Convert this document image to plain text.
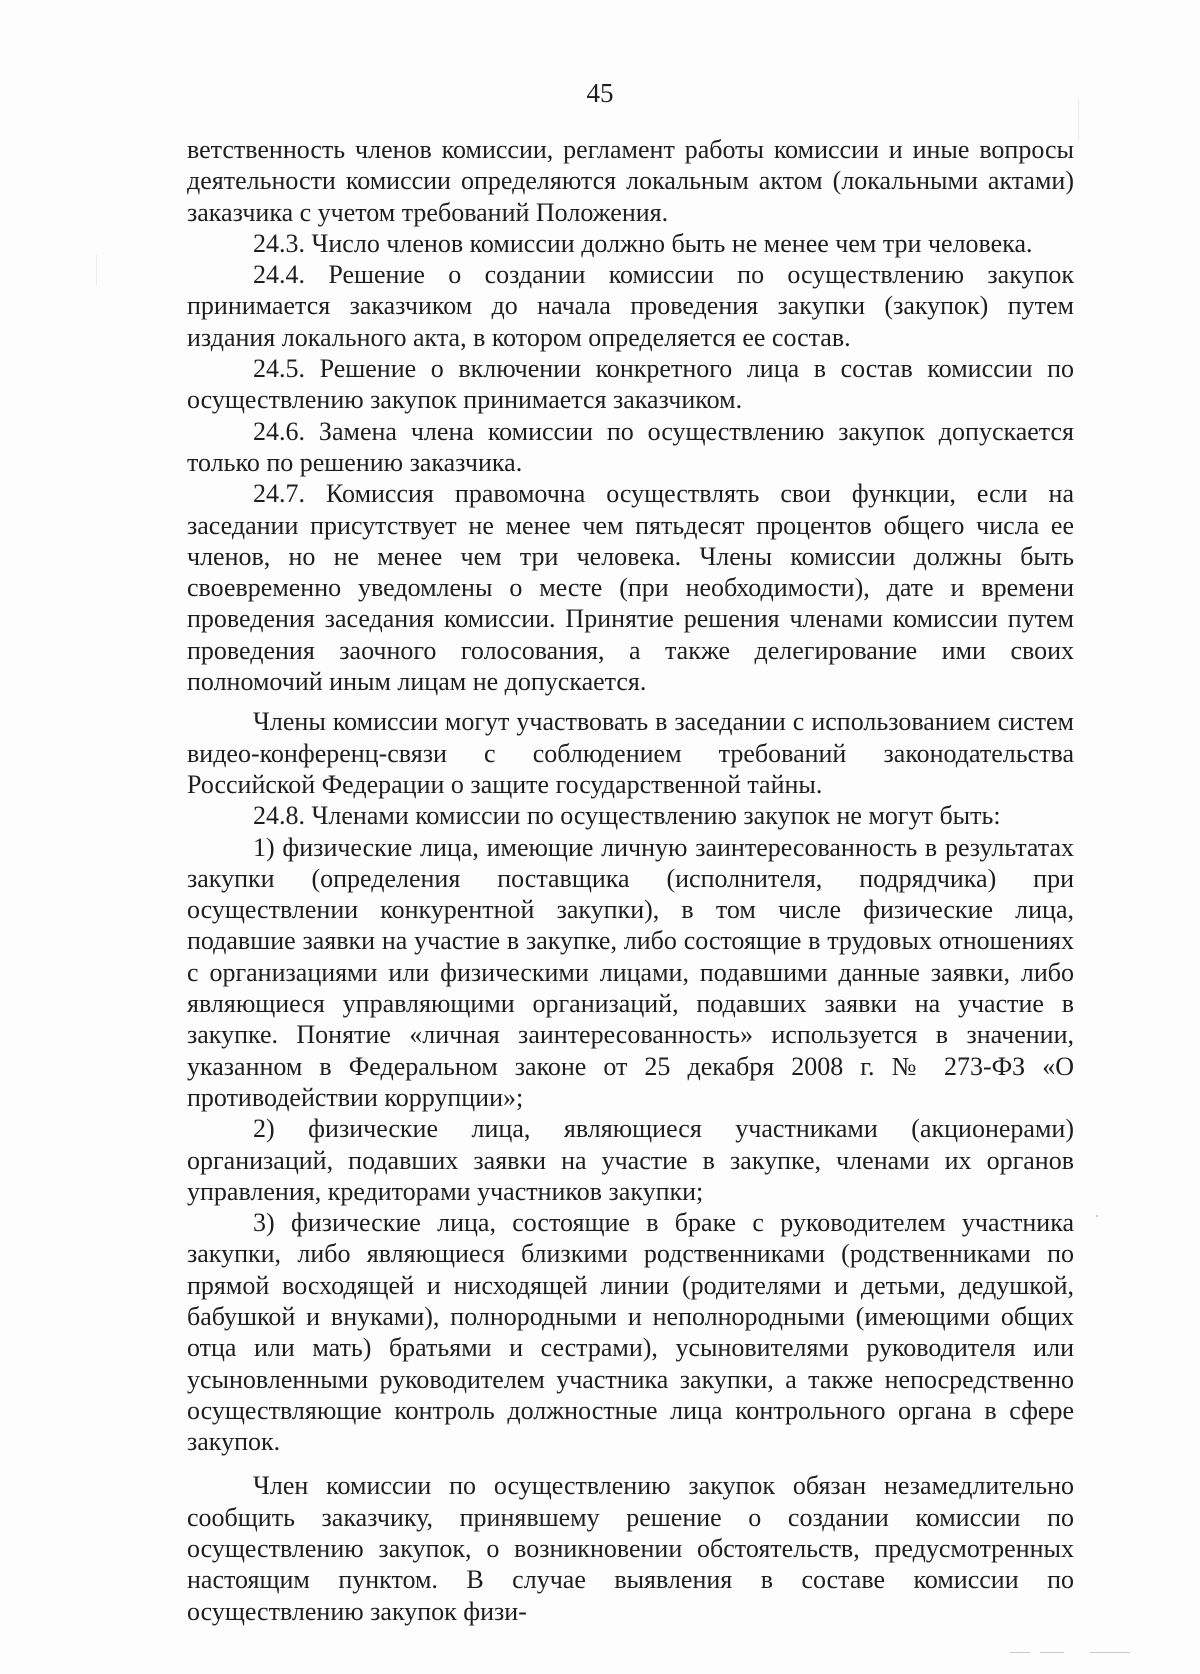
45

ветственность членов комиссии, регламент работы комиссии и иные вопросы деятельности комиссии определяются локальным актом (локальными актами) заказчика с учетом требований Положения.

24.3. Число членов комиссии должно быть не менее чем три человека.

24.4. Решение о создании комиссии по осуществлению закупок принимается заказчиком до начала проведения закупки (закупок) путем издания локального акта, в котором определяется ее состав.

24.5. Решение о включении конкретного лица в состав комиссии по осуществлению закупок принимается заказчиком.

24.6. Замена члена комиссии по осуществлению закупок допускается только по решению заказчика.

24.7. Комиссия правомочна осуществлять свои функции, если на заседании присутствует не менее чем пятьдесят процентов общего числа ее членов, но не менее чем три человека. Члены комиссии должны быть своевременно уведомлены о месте (при необходимости), дате и времени проведения заседания комиссии. Принятие решения членами комиссии путем проведения заочного голосования, а также делегирование ими своих полномочий иным лицам не допускается.

Члены комиссии могут участвовать в заседании с использованием систем видео-конференц-связи с соблюдением требований законодательства Российской Федерации о защите государственной тайны.

24.8. Членами комиссии по осуществлению закупок не могут быть:

1) физические лица, имеющие личную заинтересованность в результатах закупки (определения поставщика (исполнителя, подрядчика) при осуществлении конкурентной закупки), в том числе физические лица, подавшие заявки на участие в закупке, либо состоящие в трудовых отношениях с организациями или физическими лицами, подавшими данные заявки, либо являющиеся управляющими организаций, подавших заявки на участие в закупке. Понятие «личная заинтересованность» используется в значении, указанном в Федеральном законе от 25 декабря 2008 г. № 273-ФЗ «О противодействии коррупции»;

2) физические лица, являющиеся участниками (акционерами) организаций, подавших заявки на участие в закупке, членами их органов управления, кредиторами участников закупки;

3) физические лица, состоящие в браке с руководителем участника закупки, либо являющиеся близкими родственниками (родственниками по прямой восходящей и нисходящей линии (родителями и детьми, дедушкой, бабушкой и внуками), полнородными и неполнородными (имеющими общих отца или мать) братьями и сестрами), усыновителями руководителя или усыновленными руководителем участника закупки, а также непосредственно осуществляющие контроль должностные лица контрольного органа в сфере закупок.

Член комиссии по осуществлению закупок обязан незамедлительно сообщить заказчику, принявшему решение о создании комиссии по осуществлению закупок, о возникновении обстоятельств, предусмотренных настоящим пунктом. В случае выявления в составе комиссии по осуществлению закупок физи-
